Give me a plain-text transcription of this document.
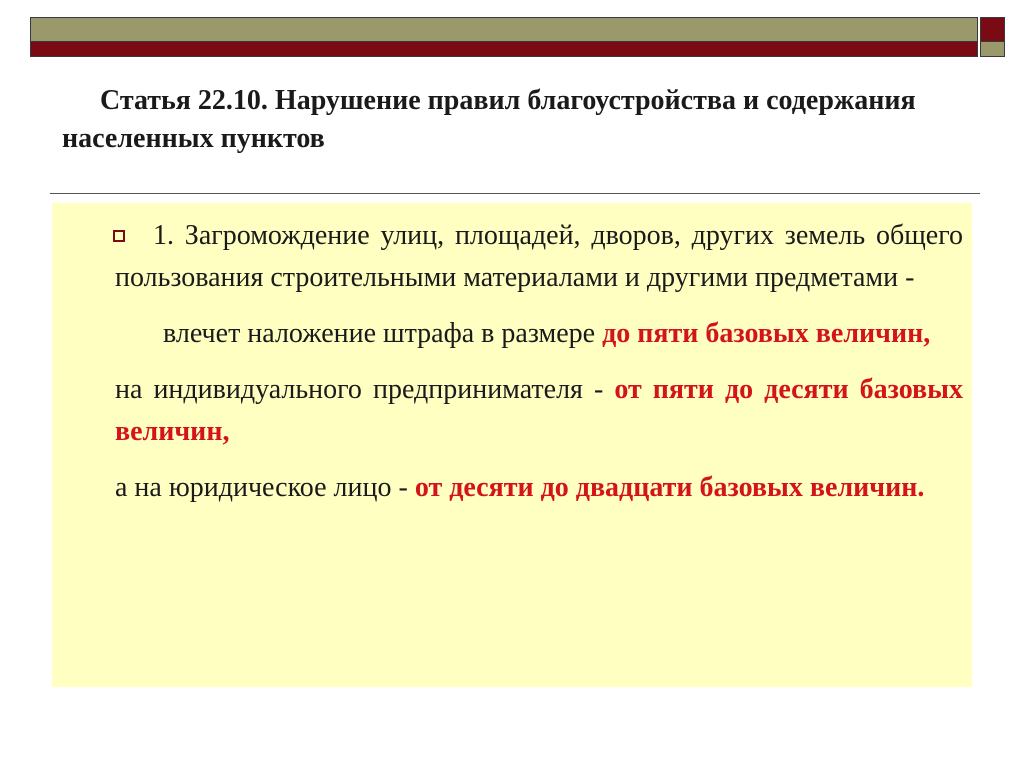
Статья 22.10. Нарушение правил благоустройства и содержания населенных пунктов

1. Загромождение улиц, площадей, дворов, других земель общего пользования строительными материалами и другими предметами -

влечет наложение штрафа в размере до пяти базовых величин,

на индивидуального предпринимателя - от пяти до десяти базовых величин,

а на юридическое лицо - от десяти до двадцати базовых величин.
